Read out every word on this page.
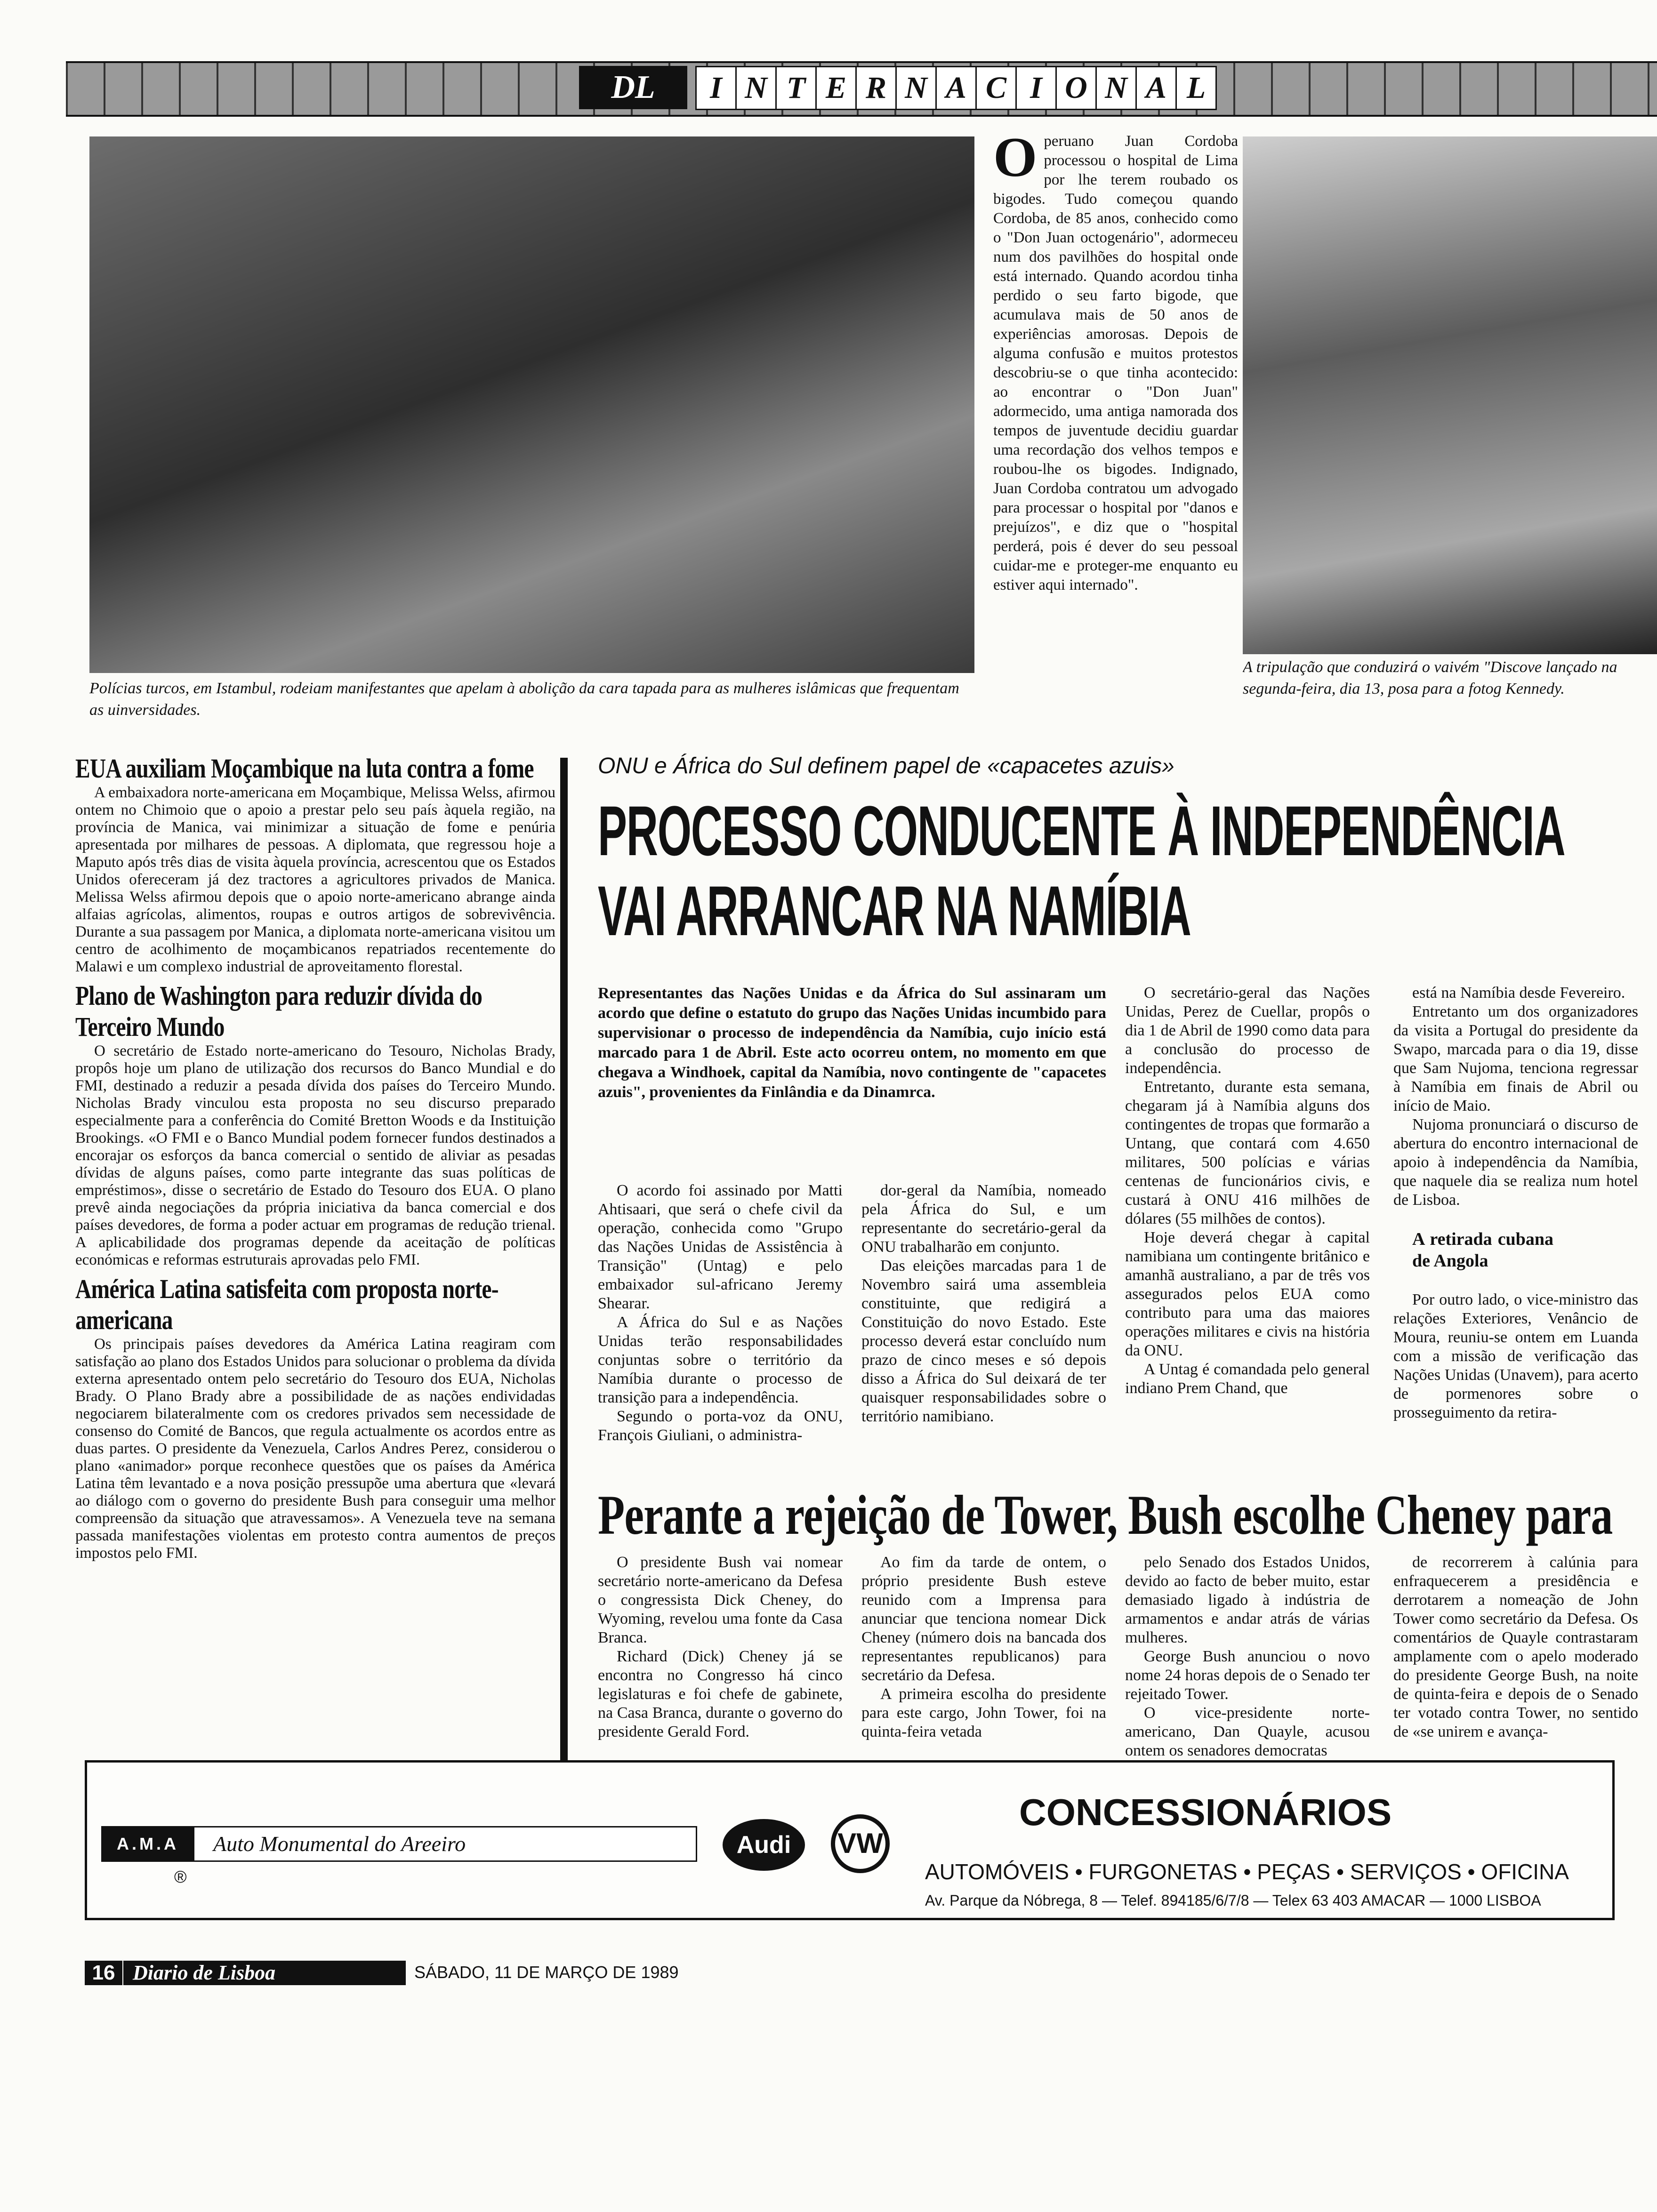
DL	I N T E R N A C I O N A L
Polícias turcos, em Istambul, rodeiam manifestantes que apelam à abolição da cara tapada para as mulheres islâmicas que frequentam as uinversidades.
O peruano Juan Cordoba processou o hospital de Lima por lhe terem roubado os bigodes. Tudo começou quando Cordoba, de 85 anos, conhecido como o "Don Juan octogenário", adormeceu num dos pavilhões do hospital onde está internado. Quando acordou tinha perdido o seu farto bigode, que acumulava mais de 50 anos de experiências amorosas. Depois de alguma confusão e muitos protestos descobriu-se o que tinha acontecido: ao encontrar o "Don Juan" adormecido, uma antiga namorada dos tempos de juventude decidiu guardar uma recordação dos velhos tempos e roubou-lhe os bigodes. Indignado, Juan Cordoba contratou um advogado para processar o hospital por "danos e prejuízos", e diz que o "hospital perderá, pois é dever do seu pessoal cuidar-me e proteger-me enquanto eu estiver aqui internado".
A tripulação que conduzirá o vaivém "Discove lançado na segunda-feira, dia 13, posa para a fotog Kennedy.
EUA auxiliam Moçambique na luta contra a fome

A embaixadora norte-americana em Moçambique, Melissa Welss, afirmou ontem no Chimoio que o apoio a prestar pelo seu país àquela região, na província de Manica, vai minimizar a situação de fome e penúria apresentada por milhares de pessoas. A diplomata, que regressou hoje a Maputo após três dias de visita àquela província, acrescentou que os Estados Unidos ofereceram já dez tractores a agricultores privados de Manica. Melissa Welss afirmou depois que o apoio norte-americano abrange ainda alfaias agrícolas, alimentos, roupas e outros artigos de sobrevivência. Durante a sua passagem por Manica, a diplomata norte-americana visitou um centro de acolhimento de moçambicanos repatriados recentemente do Malawi e um complexo industrial de aproveitamento florestal.

Plano de Washington para reduzir dívida do Terceiro Mundo

O secretário de Estado norte-americano do Tesouro, Nicholas Brady, propôs hoje um plano de utilização dos recursos do Banco Mundial e do FMI, destinado a reduzir a pesada dívida dos países do Terceiro Mundo. Nicholas Brady vinculou esta proposta no seu discurso preparado especialmente para a conferência do Comité Bretton Woods e da Instituição Brookings. «O FMI e o Banco Mundial podem fornecer fundos destinados a encorajar os esforços da banca comercial o sentido de aliviar as pesadas dívidas de alguns países, como parte integrante das suas políticas de empréstimos», disse o secretário de Estado do Tesouro dos EUA. O plano prevê ainda negociações da própria iniciativa da banca comercial e dos países devedores, de forma a poder actuar em programas de redução trienal. A aplicabilidade dos programas depende da aceitação de políticas económicas e reformas estruturais aprovadas pelo FMI.

América Latina satisfeita com proposta norte-americana

Os principais países devedores da América Latina reagiram com satisfação ao plano dos Estados Unidos para solucionar o problema da dívida externa apresentado ontem pelo secretário do Tesouro dos EUA, Nicholas Brady. O Plano Brady abre a possibilidade de as nações endividadas negociarem bilateralmente com os credores privados sem necessidade de consenso do Comité de Bancos, que regula actualmente os acordos entre as duas partes. O presidente da Venezuela, Carlos Andres Perez, considerou o plano «animador» porque reconhece questões que os países da América Latina têm levantado e a nova posição pressupõe uma abertura que «levará ao diálogo com o governo do presidente Bush para conseguir uma melhor compreensão da situação que atravessamos». A Venezuela teve na semana passada manifestações violentas em protesto contra aumentos de preços impostos pelo FMI.

ONU e África do Sul definem papel de «capacetes azuis»
PROCESSO CONDUCENTE À INDEPENDÊNCIA
VAI ARRANCAR NA NAMÍBIA
Representantes das Nações Unidas e da África do Sul assinaram um acordo que define o estatuto do grupo das Nações Unidas incumbido para supervisionar o processo de independência da Namíbia, cujo início está marcado para 1 de Abril. Este acto ocorreu ontem, no momento em que chegava a Windhoek, capital da Namíbia, novo contingente de "capacetes azuis", provenientes da Finlândia e da Dinamrca.

O acordo foi assinado por Matti Ahtisaari, que será o chefe civil da operação, conhecida como "Grupo das Nações Unidas de Assistência à Transição" (Untag) e pelo embaixador sul-africano Jeremy Shearar.

A África do Sul e as Nações Unidas terão responsabilidades conjuntas sobre o território da Namíbia durante o processo de transição para a independência.

Segundo o porta-voz da ONU, François Giuliani, o administra-

dor-geral da Namíbia, nomeado pela África do Sul, e um representante do secretário-geral da ONU trabalharão em conjunto.

Das eleições marcadas para 1 de Novembro sairá uma assembleia constituinte, que redigirá a Constituição do novo Estado. Este processo deverá estar concluído num prazo de cinco meses e só depois disso a África do Sul deixará de ter quaisquer responsabilidades sobre o território namibiano.

O secretário-geral das Nações Unidas, Perez de Cuellar, propôs o dia 1 de Abril de 1990 como data para a conclusão do processo de independência.

Entretanto, durante esta semana, chegaram já à Namíbia alguns dos contingentes de tropas que formarão a Untang, que contará com 4.650 militares, 500 polícias e várias centenas de funcionários civis, e custará à ONU 416 milhões de dólares (55 milhões de contos).

Hoje deverá chegar à capital namibiana um contingente britânico e amanhã australiano, a par de três vos assegurados pelos EUA como contributo para uma das maiores operações militares e civis na história da ONU.

A Untag é comandada pelo general indiano Prem Chand, que

está na Namíbia desde Fevereiro.

Entretanto um dos organizadores da visita a Portugal do presidente da Swapo, marcada para o dia 19, disse que Sam Nujoma, tenciona regressar à Namíbia em finais de Abril ou início de Maio.

Nujoma pronunciará o discurso de abertura do encontro internacional de apoio à independência da Namíbia, que naquele dia se realiza num hotel de Lisboa.

A retirada cubana de Angola

Por outro lado, o vice-ministro das relações Exteriores, Venâncio de Moura, reuniu-se ontem em Luanda com a missão de verificação das Nações Unidas (Unavem), para acerto de pormenores sobre o prosseguimento da retira-

Perante a rejeição de Tower, Bush escolhe Cheney para

O presidente Bush vai nomear secretário norte-americano da Defesa o congressista Dick Cheney, do Wyoming, revelou uma fonte da Casa Branca.

Richard (Dick) Cheney já se encontra no Congresso há cinco legislaturas e foi chefe de gabinete, na Casa Branca, durante o governo do presidente Gerald Ford.

Ao fim da tarde de ontem, o próprio presidente Bush esteve reunido com a Imprensa para anunciar que tenciona nomear Dick Cheney (número dois na bancada dos representantes republicanos) para secretário da Defesa.

A primeira escolha do presidente para este cargo, John Tower, foi na quinta-feira vetada

pelo Senado dos Estados Unidos, devido ao facto de beber muito, estar demasiado ligado à indústria de armamentos e andar atrás de várias mulheres.

George Bush anunciou o novo nome 24 horas depois de o Senado ter rejeitado Tower.

O vice-presidente norte-americano, Dan Quayle, acusou ontem os senadores democratas

de recorrerem à calúnia para enfraquecerem a presidência e derrotarem a nomeação de John Tower como secretário da Defesa. Os comentários de Quayle contrastaram amplamente com o apelo moderado do presidente George Bush, na noite de quinta-feira e depois de o Senado ter votado contra Tower, no sentido de «se unirem e avança-

A.M.A	Auto Monumental do Areeiro
®
Audi	VW
CONCESSIONÁRIOS
AUTOMÓVEIS • FURGONETAS • PEÇAS • SERVIÇOS • OFICINA
Av. Parque da Nóbrega, 8 — Telef. 894185/6/7/8 — Telex 63 403 AMACAR — 1000 LISBOA
16 Diario de Lisboa	SÁBADO, 11 DE MARÇO DE 1989
